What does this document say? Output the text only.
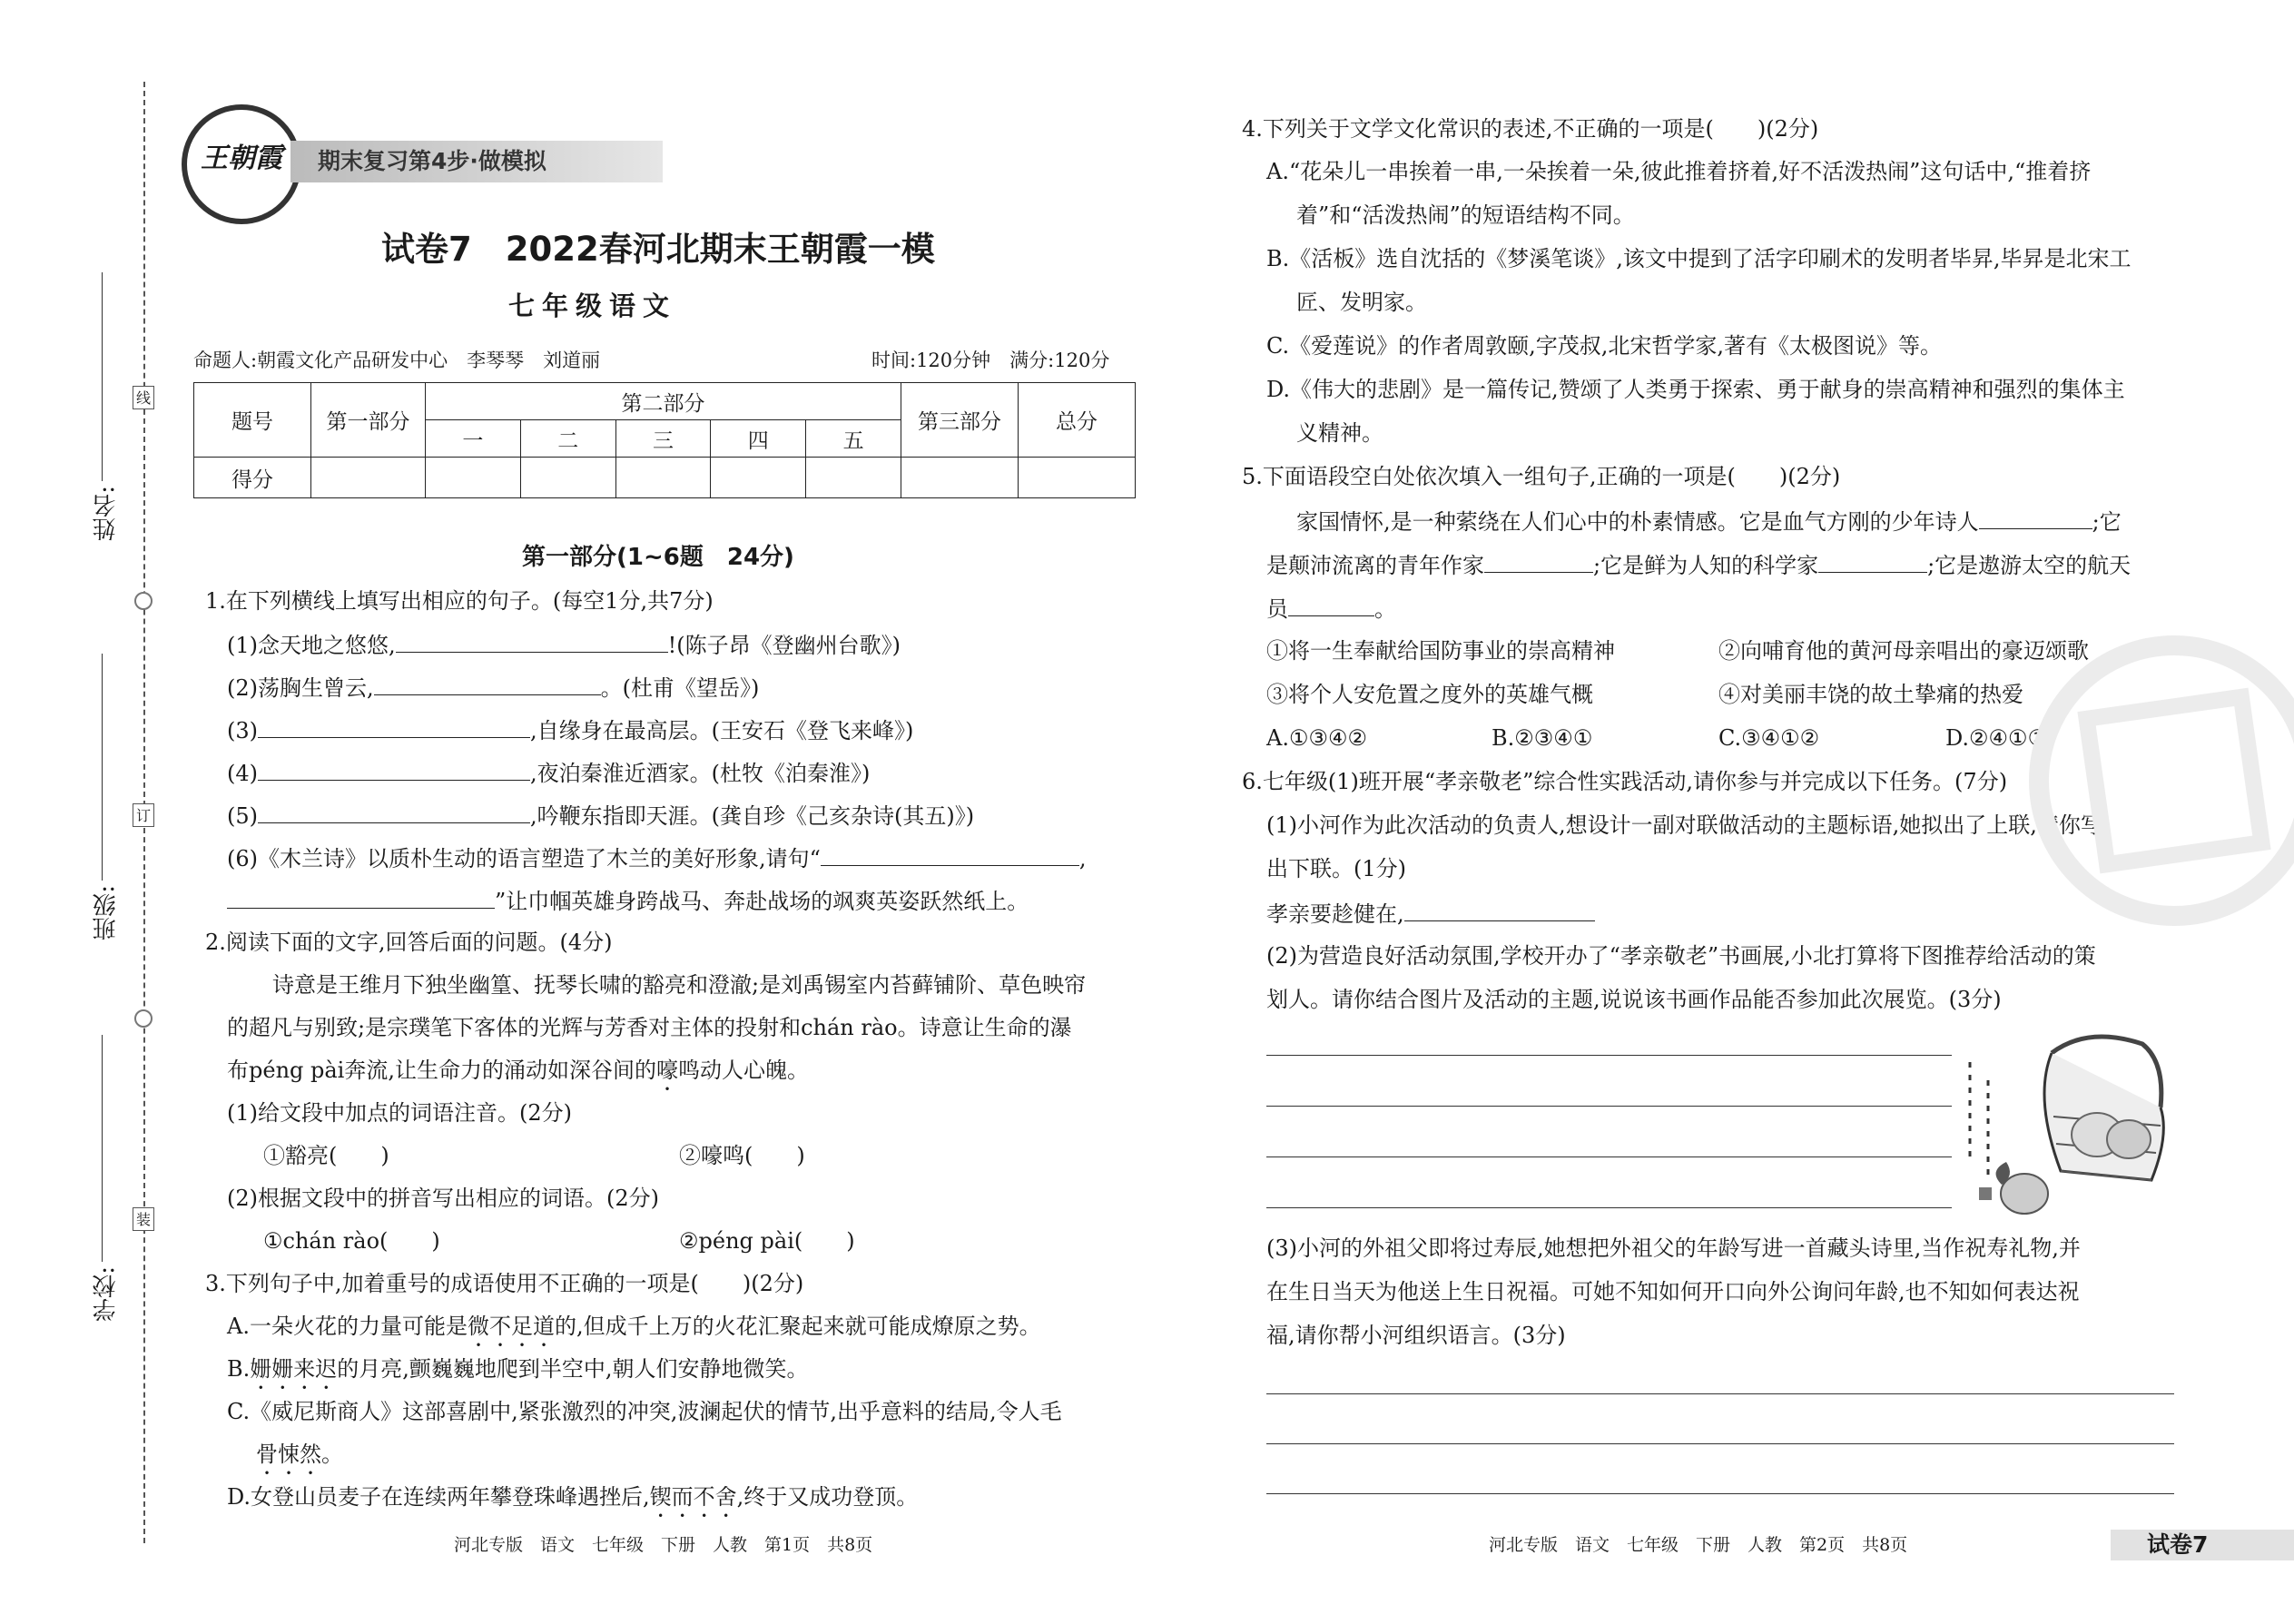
学校:
班级:
姓名:
装
订
线
王朝霞	期末复习第4步·做模拟
试卷7　2022春河北期末王朝霞一模
七年级语文
命题人:朝霞文化产品研发中心　李琴琴　刘道丽	时间:120分钟　满分:120分
题号	第一部分	第二部分					第三部分	总分
		一	二	三	四	五		
得分								
第一部分(1~6题　24分)
1.在下列横线上填写出相应的句子。(每空1分,共7分)
(1)念天地之悠悠,	!(陈子昂《登幽州台歌》)
(2)荡胸生曾云,	。(杜甫《望岳》)
(3)	,自缘身在最高层。(王安石《登飞来峰》)
(4)	,夜泊秦淮近酒家。(杜牧《泊秦淮》)
(5)	,吟鞭东指即天涯。(龚自珍《己亥杂诗(其五)》)
(6)《木兰诗》以质朴生动的语言塑造了木兰的美好形象,请句“	,
”让巾帼英雄身跨战马、奔赴战场的飒爽英姿跃然纸上。
2.阅读下面的文字,回答后面的问题。(4分)
诗意是王维月下独坐幽篁、抚琴长啸的豁亮和澄澈;是刘禹锡室内苔藓铺阶、草色映帘
的超凡与别致;是宗璞笔下客体的光辉与芳香对主体的投射和chán rào。诗意让生命的瀑
布péng pài奔流,让生命力的涌动如深谷间的嚎鸣动人心魄。
(1)给文段中加点的词语注音。(2分)
①豁亮(　　)	②嚎鸣(　　)
(2)根据文段中的拼音写出相应的词语。(2分)
①chán rào(　　)	②péng pài(　　)
3.下列句子中,加着重号的成语使用不正确的一项是(　　)(2分)
A.一朵火花的力量可能是微不足道的,但成千上万的火花汇聚起来就可能成燎原之势。
B.姗姗来迟的月亮,颤巍巍地爬到半空中,朝人们安静地微笑。
C.《威尼斯商人》这部喜剧中,紧张激烈的冲突,波澜起伏的情节,出乎意料的结局,令人毛
骨悚然。
D.女登山员麦子在连续两年攀登珠峰遇挫后,锲而不舍,终于又成功登顶。
河北专版　语文　七年级　下册　人教　第1页　共8页
4.下列关于文学文化常识的表述,不正确的一项是(　　)(2分)
A.“花朵儿一串挨着一串,一朵挨着一朵,彼此推着挤着,好不活泼热闹”这句话中,“推着挤
着”和“活泼热闹”的短语结构不同。
B.《活板》选自沈括的《梦溪笔谈》,该文中提到了活字印刷术的发明者毕昇,毕昇是北宋工
匠、发明家。
C.《爱莲说》的作者周敦颐,字茂叔,北宋哲学家,著有《太极图说》等。
D.《伟大的悲剧》是一篇传记,赞颂了人类勇于探索、勇于献身的崇高精神和强烈的集体主
义精神。
5.下面语段空白处依次填入一组句子,正确的一项是(　　)(2分)
家国情怀,是一种萦绕在人们心中的朴素情感。它是血气方刚的少年诗人	;它
是颠沛流离的青年作家	;它是鲜为人知的科学家	;它是遨游太空的航天
员	。
①将一生奉献给国防事业的崇高精神	②向哺育他的黄河母亲唱出的豪迈颂歌
③将个人安危置之度外的英雄气概	④对美丽丰饶的故土挚痛的热爱
A.①③④②	B.②③④①	C.③④①②	D.②④①③
6.七年级(1)班开展“孝亲敬老”综合性实践活动,请你参与并完成以下任务。(7分)
(1)小河作为此次活动的负责人,想设计一副对联做活动的主题标语,她拟出了上联,请你写
出下联。(1分)
孝亲要趁健在,
(2)为营造良好活动氛围,学校开办了“孝亲敬老”书画展,小北打算将下图推荐给活动的策
划人。请你结合图片及活动的主题,说说该书画作品能否参加此次展览。(3分)
(3)小河的外祖父即将过寿辰,她想把外祖父的年龄写进一首藏头诗里,当作祝寿礼物,并
在生日当天为他送上生日祝福。可她不知如何开口向外公询问年龄,也不知如何表达祝
福,请你帮小河组织语言。(3分)
河北专版　语文　七年级　下册　人教　第2页　共8页	试卷7
